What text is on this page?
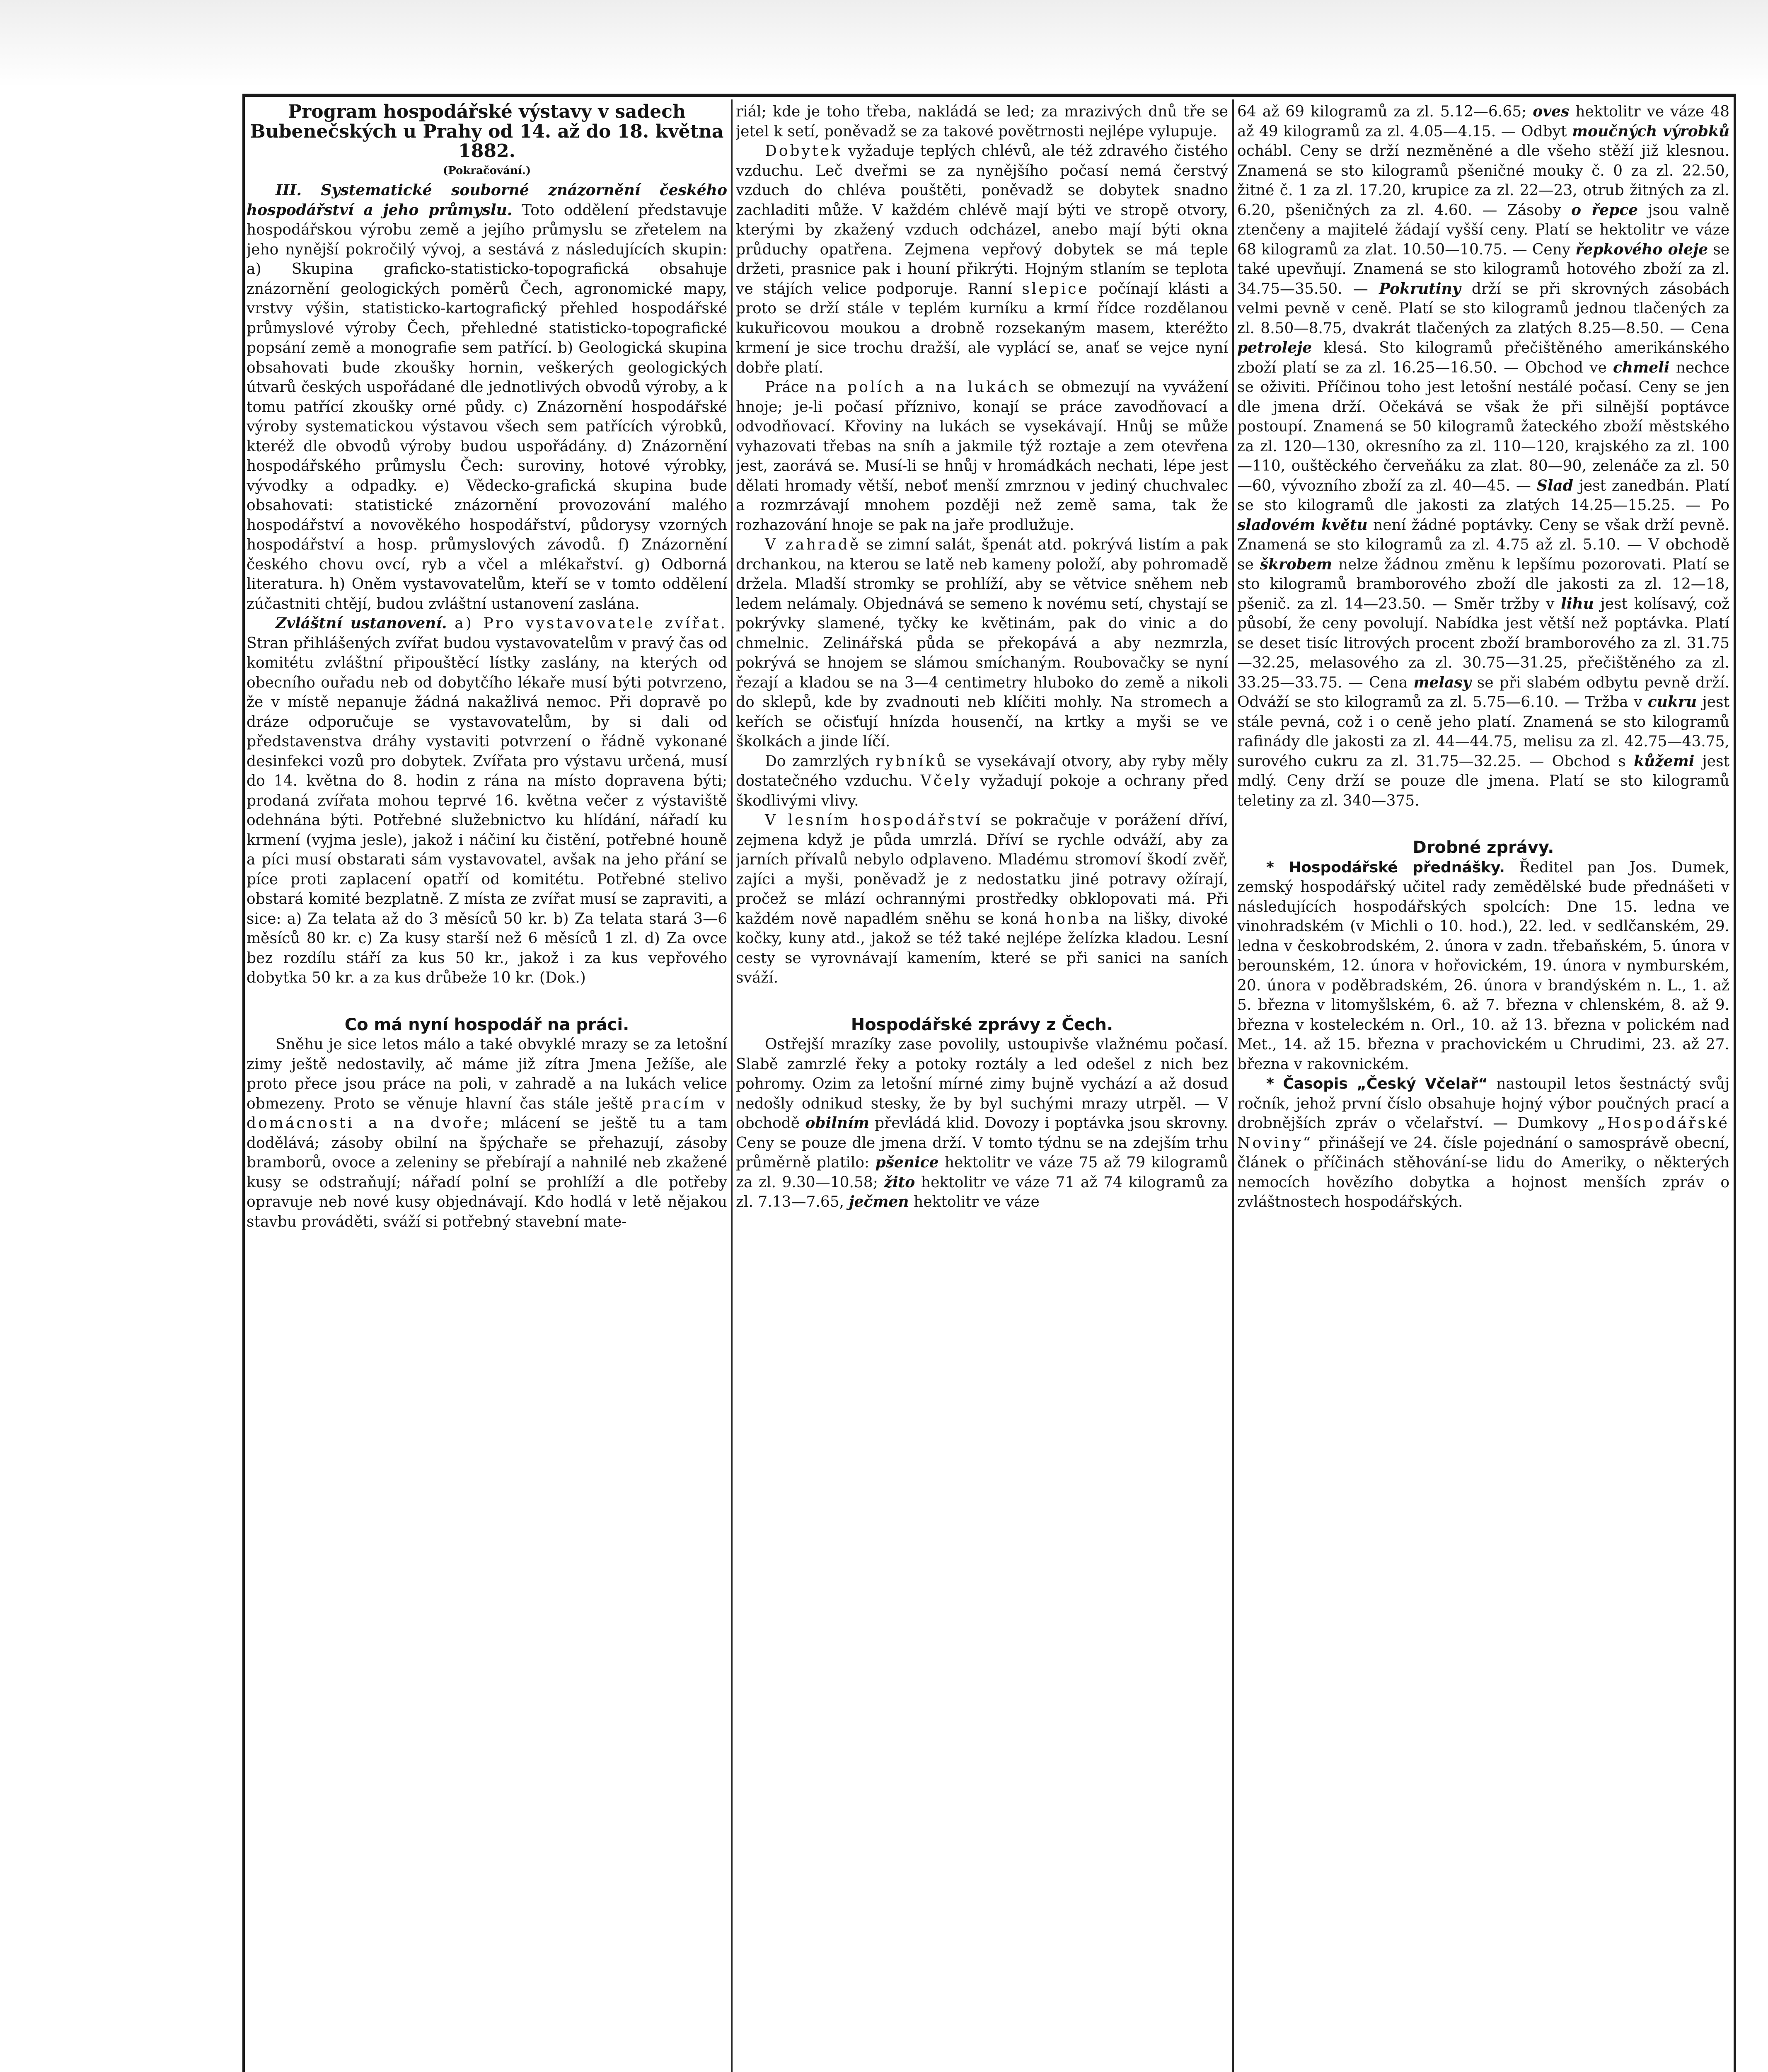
Program hospodářské výstavy v sadech Bubenečských u Prahy od 14. až do 18. května 1882.
(Pokračování.)

III. Systematické souborné znázornění českého hospodářství a jeho průmyslu. Toto oddělení představuje hospodářskou výrobu země a jejího průmyslu se zřetelem na jeho nynější pokročilý vývoj, a sestává z následujících skupin: a) Skupina graficko-statisticko-topografická obsahuje znázornění geologických poměrů Čech, agronomické mapy, vrstvy výšin, statisticko-kartografický přehled hospodářské průmyslové výroby Čech, přehledné statisticko-topografické popsání země a monografie sem patřící. b) Geologická skupina obsahovati bude zkoušky hornin, veškerých geologických útvarů českých uspořádané dle jednotlivých obvodů výroby, a k tomu patřící zkoušky orné půdy. c) Znázornění hospodářské výroby systematickou výstavou všech sem patřících výrobků, kteréž dle obvodů výroby budou uspořádány. d) Znázornění hospodářského průmyslu Čech: suroviny, hotové výrobky, vývodky a odpadky. e) Vědecko-grafická skupina bude obsahovati: statistické znázornění provozování malého hospodářství a novověkého hospodářství, půdorysy vzorných hospodářství a hosp. průmyslových závodů. f) Znázornění českého chovu ovcí, ryb a včel a mlékařství. g) Odborná literatura. h) Oněm vystavovatelům, kteří se v tomto oddělení zúčastniti chtějí, budou zvláštní ustanovení zaslána.

Zvláštní ustanovení. a) Pro vystavovatele zvířat. Stran přihlášených zvířat budou vystavovatelům v pravý čas od komitétu zvláštní připouštěcí lístky zaslány, na kterých od obecního ouřadu neb od dobytčího lékaře musí býti potvrzeno, že v místě nepanuje žádná nakažlivá nemoc. Při dopravě po dráze odporučuje se vystavovatelům, by si dali od představenstva dráhy vystaviti potvrzení o řádně vykonané desinfekci vozů pro dobytek. Zvířata pro výstavu určená, musí do 14. května do 8. hodin z rána na místo dopravena býti; prodaná zvířata mohou teprvé 16. května večer z výstaviště odehnána býti. Potřebné služebnictvo ku hlídání, nářadí ku krmení (vyjma jesle), jakož i náčiní ku čistění, potřebné houně a píci musí obstarati sám vystavovatel, avšak na jeho přání se píce proti zaplacení opatří od komitétu. Potřebné stelivo obstará komité bezplatně. Z místa ze zvířat musí se zapraviti, a sice: a) Za telata až do 3 měsíců 50 kr. b) Za telata stará 3—6 měsíců 80 kr. c) Za kusy starší než 6 měsíců 1 zl. d) Za ovce bez rozdílu stáří za kus 50 kr., jakož i za kus vepřového dobytka 50 kr. a za kus drůbeže 10 kr. (Dok.)

Co má nyní hospodář na práci.

Sněhu je sice letos málo a také obvyklé mrazy se za letošní zimy ještě nedostavily, ač máme již zítra Jmena Ježíše, ale proto přece jsou práce na poli, v zahradě a na lukách velice obmezeny. Proto se věnuje hlavní čas stále ještě pracím v domácnosti a na dvoře; mlácení se ještě tu a tam dodělává; zásoby obilní na špýchaře se přehazují, zásoby bramborů, ovoce a zeleniny se přebírají a nahnilé neb zkažené kusy se odstraňují; nářadí polní se prohlíží a dle potřeby opravuje neb nové kusy objednávají. Kdo hodlá v letě nějakou stavbu prováděti, sváží si potřebný stavební mate-

riál; kde je toho třeba, nakládá se led; za mrazivých dnů tře se jetel k setí, poněvadž se za takové povětrnosti nejlépe vylupuje.

Dobytek vyžaduje teplých chlévů, ale též zdravého čistého vzduchu. Leč dveřmi se za nynějšího počasí nemá čerstvý vzduch do chléva pouštěti, poněvadž se dobytek snadno zachladiti může. V každém chlévě mají býti ve stropě otvory, kterými by zkažený vzduch odcházel, anebo mají býti okna průduchy opatřena. Zejmena vepřový dobytek se má teple držeti, prasnice pak i houní přikrýti. Hojným stlaním se teplota ve stájích velice podporuje. Ranní slepice počínají klásti a proto se drží stále v teplém kurníku a krmí řídce rozdělanou kukuřicovou moukou a drobně rozsekaným masem, kteréžto krmení je sice trochu dražší, ale vyplácí se, anať se vejce nyní dobře platí.

Práce na polích a na lukách se obmezují na vyvážení hnoje; je-li počasí příznivo, konají se práce zavodňovací a odvodňovací. Křoviny na lukách se vysekávají. Hnůj se může vyhazovati třebas na sníh a jakmile týž roztaje a zem otevřena jest, zaorává se. Musí-li se hnůj v hromádkách nechati, lépe jest dělati hromady větší, neboť menší zmrznou v jediný chuchvalec a rozmrzávají mnohem později než země sama, tak že rozhazování hnoje se pak na jaře prodlužuje.

V zahradě se zimní salát, špenát atd. pokrývá listím a pak drchankou, na kterou se latě neb kameny položí, aby pohromadě držela. Mladší stromky se prohlíží, aby se větvice sněhem neb ledem nelámaly. Objednává se semeno k novému setí, chystají se pokrývky slamené, tyčky ke květinám, pak do vinic a do chmelnic. Zelinářská půda se překopává a aby nezmrzla, pokrývá se hnojem se slámou smíchaným. Roubovačky se nyní řezají a kladou se na 3—4 centimetry hluboko do země a nikoli do sklepů, kde by zvadnouti neb klíčiti mohly. Na stromech a keřích se očisťují hnízda housenčí, na krtky a myši se ve školkách a jinde líčí.

Do zamrzlých rybníků se vysekávají otvory, aby ryby měly dostatečného vzduchu. Včely vyžadují pokoje a ochrany před škodlivými vlivy.

V lesním hospodářství se pokračuje v porážení dříví, zejmena když je půda umrzlá. Dříví se rychle odváží, aby za jarních přívalů nebylo odplaveno. Mladému stromoví škodí zvěř, zajíci a myši, poněvadž je z nedostatku jiné potravy ožírají, pročež se mlází ochrannými prostředky obklopovati má. Při každém nově napadlém sněhu se koná honba na lišky, divoké kočky, kuny atd., jakož se též také nejlépe želízka kladou. Lesní cesty se vyrovnávají kamením, které se při sanici na saních sváží.

Hospodářské zprávy z Čech.

Ostřejší mrazíky zase povolily, ustoupivše vlažnému počasí. Slabě zamrzlé řeky a potoky roztály a led odešel z nich bez pohromy. Ozim za letošní mírné zimy bujně vychází a až dosud nedošly odnikud stesky, že by byl suchými mrazy utrpěl. — V obchodě obilním převládá klid. Dovozy i poptávka jsou skrovny. Ceny se pouze dle jmena drží. V tomto týdnu se na zdejším trhu průměrně platilo: pšenice hektolitr ve váze 75 až 79 kilogramů za zl. 9.30—10.58; žito hektolitr ve váze 71 až 74 kilogramů za zl. 7.13—7.65, ječmen hektolitr ve váze

64 až 69 kilogramů za zl. 5.12—6.65; oves hektolitr ve váze 48 až 49 kilogramů za zl. 4.05—4.15. — Odbyt moučných výrobků ochábl. Ceny se drží nezměněné a dle všeho stěží již klesnou. Znamená se sto kilogramů pšeničné mouky č. 0 za zl. 22.50, žitné č. 1 za zl. 17.20, krupice za zl. 22—23, otrub žitných za zl. 6.20, pšeničných za zl. 4.60. — Zásoby o řepce jsou valně ztenčeny a majitelé žádají vyšší ceny. Platí se hektolitr ve váze 68 kilogramů za zlat. 10.50—10.75. — Ceny řepkového oleje se také upevňují. Znamená se sto kilogramů hotového zboží za zl. 34.75—35.50. — Pokrutiny drží se při skrovných zásobách velmi pevně v ceně. Platí se sto kilogramů jednou tlačených za zl. 8.50—8.75, dvakrát tlačených za zlatých 8.25—8.50. — Cena petroleje klesá. Sto kilogramů přečištěného amerikánského zboží platí se za zl. 16.25—16.50. — Obchod ve chmeli nechce se oživiti. Příčinou toho jest letošní nestálé počasí. Ceny se jen dle jmena drží. Očekává se však že při silnější poptávce postoupí. Znamená se 50 kilogramů žateckého zboží městského za zl. 120—130, okresního za zl. 110—120, krajského za zl. 100—110, ouštěckého červeňáku za zlat. 80—90, zelenáče za zl. 50—60, vývozního zboží za zl. 40—45. — Slad jest zanedbán. Platí se sto kilogramů dle jakosti za zlatých 14.25—15.25. — Po sladovém květu není žádné poptávky. Ceny se však drží pevně. Znamená se sto kilogramů za zl. 4.75 až zl. 5.10. — V obchodě se škrobem nelze žádnou změnu k lepšímu pozorovati. Platí se sto kilogramů bramborového zboží dle jakosti za zl. 12—18, pšenič. za zl. 14—23.50. — Směr tržby v lihu jest kolísavý, což působí, že ceny povolují. Nabídka jest větší než poptávka. Platí se deset tisíc litrových procent zboží bramborového za zl. 31.75—32.25, melasového za zl. 30.75—31.25, přečištěného za zl. 33.25—33.75. — Cena melasy se při slabém odbytu pevně drží. Odváží se sto kilogramů za zl. 5.75—6.10. — Tržba v cukru jest stále pevná, což i o ceně jeho platí. Znamená se sto kilogramů rafinády dle jakosti za zl. 44—44.75, melisu za zl. 42.75—43.75, surového cukru za zl. 31.75—32.25. — Obchod s kůžemi jest mdlý. Ceny drží se pouze dle jmena. Platí se sto kilogramů teletiny za zl. 340—375.

Drobné zprávy.

* Hospodářské přednášky. Ředitel pan Jos. Dumek, zemský hospodářský učitel rady zemědělské bude přednášeti v následujících hospodářských spolcích: Dne 15. ledna ve vinohradském (v Michli o 10. hod.), 22. led. v sedlčanském, 29. ledna v českobrodském, 2. února v zadn. třebaňském, 5. února v berounském, 12. února v hořovickém, 19. února v nymburském, 20. února v poděbradském, 26. února v brandýském n. L., 1. až 5. března v litomyšlském, 6. až 7. března v chlenském, 8. až 9. března v kosteleckém n. Orl., 10. až 13. března v polickém nad Met., 14. až 15. března v prachovickém u Chrudimi, 23. až 27. března v rakovnickém.

* Časopis „Český Včelař“ nastoupil letos šestnáctý svůj ročník, jehož první číslo obsahuje hojný výbor poučných prací a drobnějších zpráv o včelařství. — Dumkovy „Hospodářské Noviny“ přinášejí ve 24. čísle pojednání o samosprávě obecní, článek o příčinách stěhování-se lidu do Ameriky, o některých nemocích hovězího dobytka a hojnost menších zpráv o zvláštnostech hospodářských.
